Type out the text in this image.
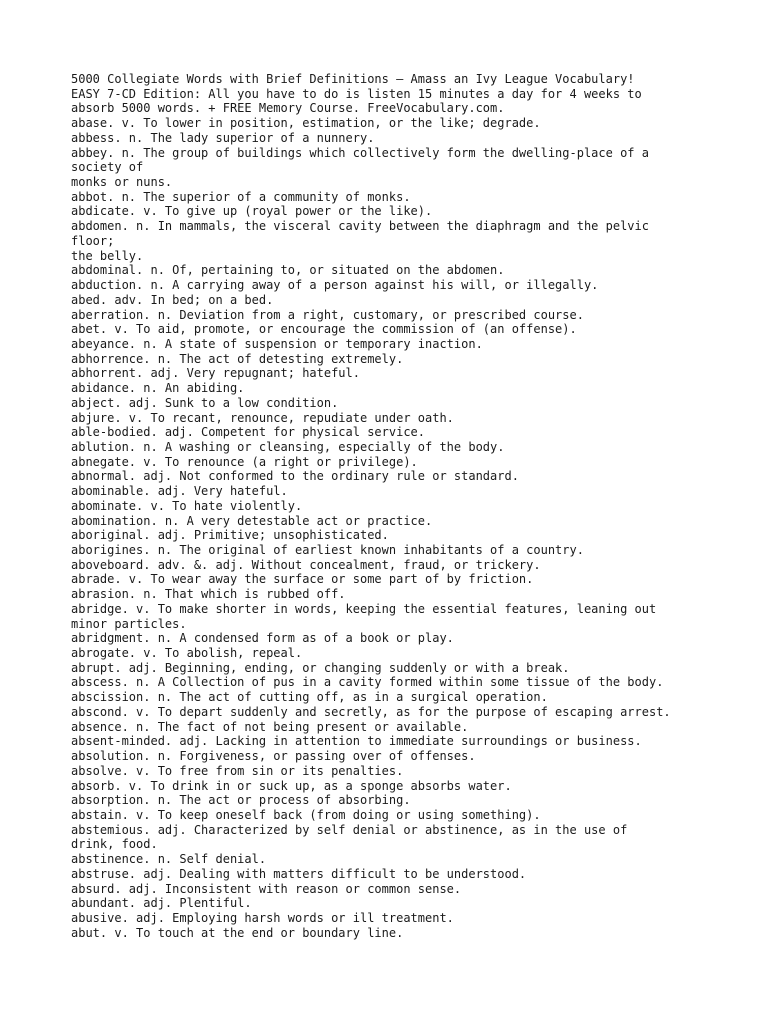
5000 Collegiate Words with Brief Definitions – Amass an Ivy League Vocabulary!
EASY 7-CD Edition: All you have to do is listen 15 minutes a day for 4 weeks to
absorb 5000 words. + FREE Memory Course. FreeVocabulary.com.
abase. v. To lower in position, estimation, or the like; degrade.
abbess. n. The lady superior of a nunnery.
abbey. n. The group of buildings which collectively form the dwelling-place of a
society of
monks or nuns.
abbot. n. The superior of a community of monks.
abdicate. v. To give up (royal power or the like).
abdomen. n. In mammals, the visceral cavity between the diaphragm and the pelvic
floor;
the belly.
abdominal. n. Of, pertaining to, or situated on the abdomen.
abduction. n. A carrying away of a person against his will, or illegally.
abed. adv. In bed; on a bed.
aberration. n. Deviation from a right, customary, or prescribed course.
abet. v. To aid, promote, or encourage the commission of (an offense).
abeyance. n. A state of suspension or temporary inaction.
abhorrence. n. The act of detesting extremely.
abhorrent. adj. Very repugnant; hateful.
abidance. n. An abiding.
abject. adj. Sunk to a low condition.
abjure. v. To recant, renounce, repudiate under oath.
able-bodied. adj. Competent for physical service.
ablution. n. A washing or cleansing, especially of the body.
abnegate. v. To renounce (a right or privilege).
abnormal. adj. Not conformed to the ordinary rule or standard.
abominable. adj. Very hateful.
abominate. v. To hate violently.
abomination. n. A very detestable act or practice.
aboriginal. adj. Primitive; unsophisticated.
aborigines. n. The original of earliest known inhabitants of a country.
aboveboard. adv. &. adj. Without concealment, fraud, or trickery.
abrade. v. To wear away the surface or some part of by friction.
abrasion. n. That which is rubbed off.
abridge. v. To make shorter in words, keeping the essential features, leaning out
minor particles.
abridgment. n. A condensed form as of a book or play.
abrogate. v. To abolish, repeal.
abrupt. adj. Beginning, ending, or changing suddenly or with a break.
abscess. n. A Collection of pus in a cavity formed within some tissue of the body.
abscission. n. The act of cutting off, as in a surgical operation.
abscond. v. To depart suddenly and secretly, as for the purpose of escaping arrest.
absence. n. The fact of not being present or available.
absent-minded. adj. Lacking in attention to immediate surroundings or business.
absolution. n. Forgiveness, or passing over of offenses.
absolve. v. To free from sin or its penalties.
absorb. v. To drink in or suck up, as a sponge absorbs water.
absorption. n. The act or process of absorbing.
abstain. v. To keep oneself back (from doing or using something).
abstemious. adj. Characterized by self denial or abstinence, as in the use of
drink, food.
abstinence. n. Self denial.
abstruse. adj. Dealing with matters difficult to be understood.
absurd. adj. Inconsistent with reason or common sense.
abundant. adj. Plentiful.
abusive. adj. Employing harsh words or ill treatment.
abut. v. To touch at the end or boundary line.
